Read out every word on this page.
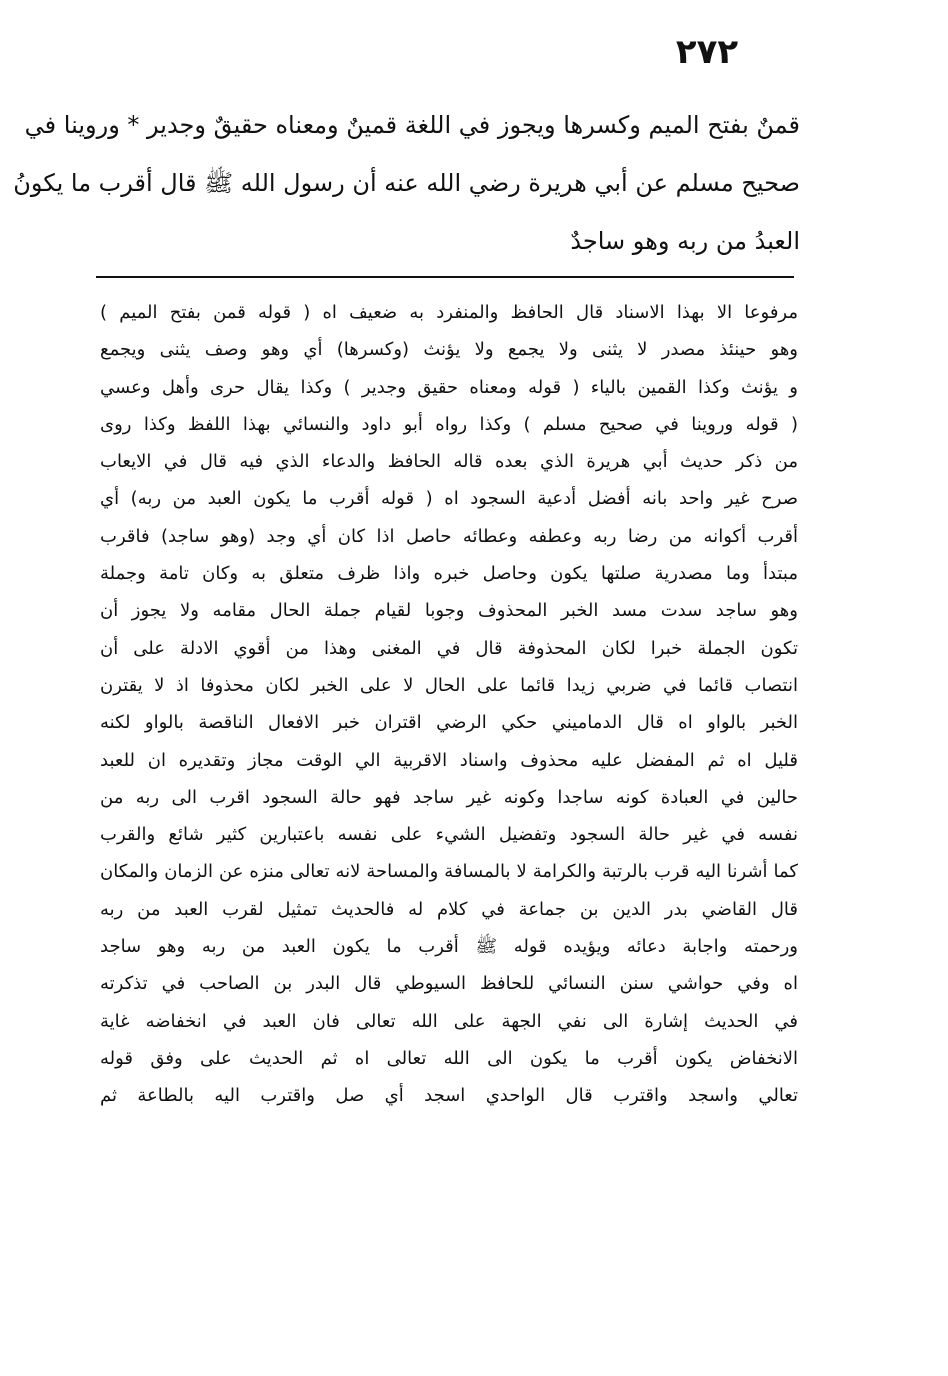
٢٧٢
قمنٌ بفتح الميم وكسرها ويجوز في اللغة قمينٌ ومعناه حقيقٌ وجدير * وروينا في
صحيح مسلم عن أبي هريرة رضي الله عنه أن رسول الله ﷺ قال أقرب ما يكونُ
العبدُ من ربه وهو ساجدٌ
مرفوعا الا بهذا الاسناد قال الحافظ والمنفرد به ضعيف اه ( قوله قمن بفتح الميم )
وهو حينئذ مصدر لا يثنى ولا يجمع ولا يؤنث (وكسرها) أي وهو وصف يثنى ويجمع
و يؤنث وكذا القمين بالياء ( قوله ومعناه حقيق وجدير ) وكذا يقال حرى وأهل وعسي
( قوله وروينا في صحيح مسلم ) وكذا رواه أبو داود والنسائي بهذا اللفظ وكذا روى
من ذكر حديث أبي هريرة الذي بعده قاله الحافظ والدعاء الذي فيه قال في الايعاب
صرح غير واحد بانه أفضل أدعية السجود اه ( قوله أقرب ما يكون العبد من ربه) أي
أقرب أكوانه من رضا ربه وعطفه وعطائه حاصل اذا كان أي وجد (وهو ساجد) فاقرب
مبتدأ وما مصدرية صلتها يكون وحاصل خبره واذا ظرف متعلق به وكان تامة وجملة
وهو ساجد سدت مسد الخبر المحذوف وجوبا لقيام جملة الحال مقامه ولا يجوز أن
تكون الجملة خبرا لكان المحذوفة قال في المغنى وهذا من أقوي الادلة على أن
انتصاب قائما في ضربي زيدا قائما على الحال لا على الخبر لكان محذوفا اذ لا يقترن
الخبر بالواو اه قال الدماميني حكي الرضي اقتران خبر الافعال الناقصة بالواو لكنه
قليل اه ثم المفضل عليه محذوف واسناد الاقربية الي الوقت مجاز وتقديره ان للعبد
حالين في العبادة كونه ساجدا وكونه غير ساجد فهو حالة السجود اقرب الى ربه من
نفسه في غير حالة السجود وتفضيل الشيء على نفسه باعتبارين كثير شائع والقرب
كما أشرنا اليه قرب بالرتبة والكرامة لا بالمسافة والمساحة لانه تعالى منزه عن الزمان والمكان
قال القاضي بدر الدين بن جماعة في كلام له فالحديث تمثيل لقرب العبد من ربه
ورحمته واجابة دعائه ويؤيده قوله ﷺ أقرب ما يكون العبد من ربه وهو ساجد
اه وفي حواشي سنن النسائي للحافظ السيوطي قال البدر بن الصاحب في تذكرته
في الحديث إشارة الى نفي الجهة على الله تعالى فان العبد في انخفاضه غاية
الانخفاض يكون أقرب ما يكون الى الله تعالى اه ثم الحديث على وفق قوله
تعالي واسجد واقترب قال الواحدي اسجد أي صل واقترب اليه بالطاعة ثم
